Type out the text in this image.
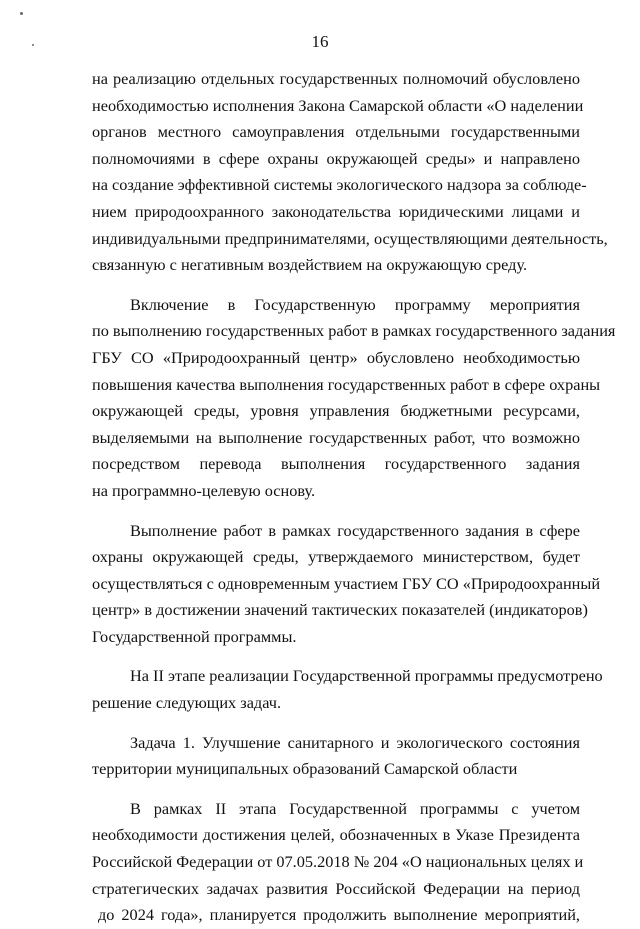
16
на реализацию отдельных государственных полномочий обусловлено
необходимостью исполнения Закона Самарской области «О наделении
органов местного самоуправления отдельными государственными
полномочиями в сфере охраны окружающей среды» и направлено
на создание эффективной системы экологического надзора за соблюде-
нием природоохранного законодательства юридическими лицами и
индивидуальными предпринимателями, осуществляющими деятельность,
связанную с негативным воздействием на окружающую среду.
Включение в Государственную программу мероприятия
по выполнению государственных работ в рамках государственного задания
ГБУ СО «Природоохранный центр» обусловлено необходимостью
повышения качества выполнения государственных работ в сфере охраны
окружающей среды, уровня управления бюджетными ресурсами,
выделяемыми на выполнение государственных работ, что возможно
посредством перевода выполнения государственного задания
на программно-целевую основу.
Выполнение работ в рамках государственного задания в сфере
охраны окружающей среды, утверждаемого министерством, будет
осуществляться с одновременным участием ГБУ СО «Природоохранный
центр» в достижении значений тактических показателей (индикаторов)
Государственной программы.
На II этапе реализации Государственной программы предусмотрено
решение следующих задач.
Задача 1. Улучшение санитарного и экологического состояния
территории муниципальных образований Самарской области
В рамках II этапа Государственной программы с учетом
необходимости достижения целей, обозначенных в Указе Президента
Российской Федерации от 07.05.2018 № 204 «О национальных целях и
стратегических задачах развития Российской Федерации на период
до 2024 года», планируется продолжить выполнение мероприятий,
